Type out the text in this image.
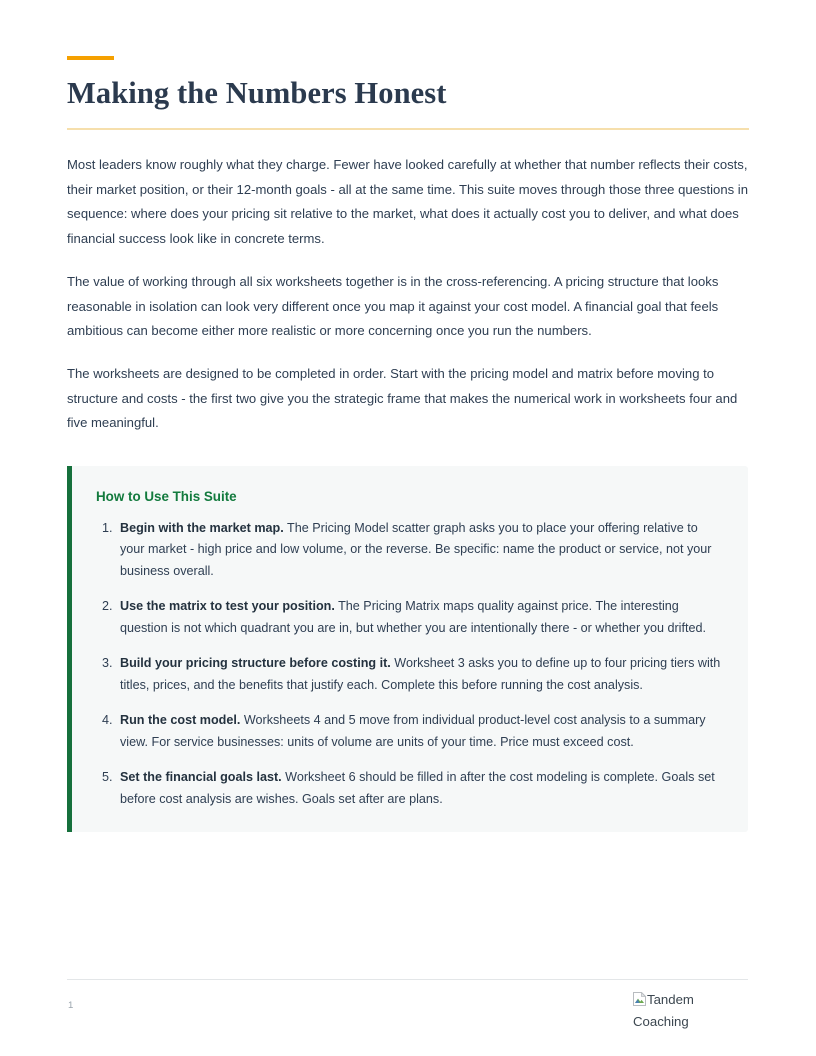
Making the Numbers Honest

Most leaders know roughly what they charge. Fewer have looked carefully at whether that number reflects their costs, their market position, or their 12-month goals - all at the same time. This suite moves through those three questions in sequence: where does your pricing sit relative to the market, what does it actually cost you to deliver, and what does financial success look like in concrete terms.

The value of working through all six worksheets together is in the cross-referencing. A pricing structure that looks reasonable in isolation can look very different once you map it against your cost model. A financial goal that feels ambitious can become either more realistic or more concerning once you run the numbers.

The worksheets are designed to be completed in order. Start with the pricing model and matrix before moving to structure and costs - the first two give you the strategic frame that makes the numerical work in worksheets four and five meaningful.

How to Use This Suite
1. Begin with the market map. The Pricing Model scatter graph asks you to place your offering relative to your market - high price and low volume, or the reverse. Be specific: name the product or service, not your business overall.
2. Use the matrix to test your position. The Pricing Matrix maps quality against price. The interesting question is not which quadrant you are in, but whether you are intentionally there - or whether you drifted.
3. Build your pricing structure before costing it. Worksheet 3 asks you to define up to four pricing tiers with titles, prices, and the benefits that justify each. Complete this before running the cost analysis.
4. Run the cost model. Worksheets 4 and 5 move from individual product-level cost analysis to a summary view. For service businesses: units of volume are units of your time. Price must exceed cost.
5. Set the financial goals last. Worksheet 6 should be filled in after the cost modeling is complete. Goals set before cost analysis are wishes. Goals set after are plans.
1	Tandem Coaching
